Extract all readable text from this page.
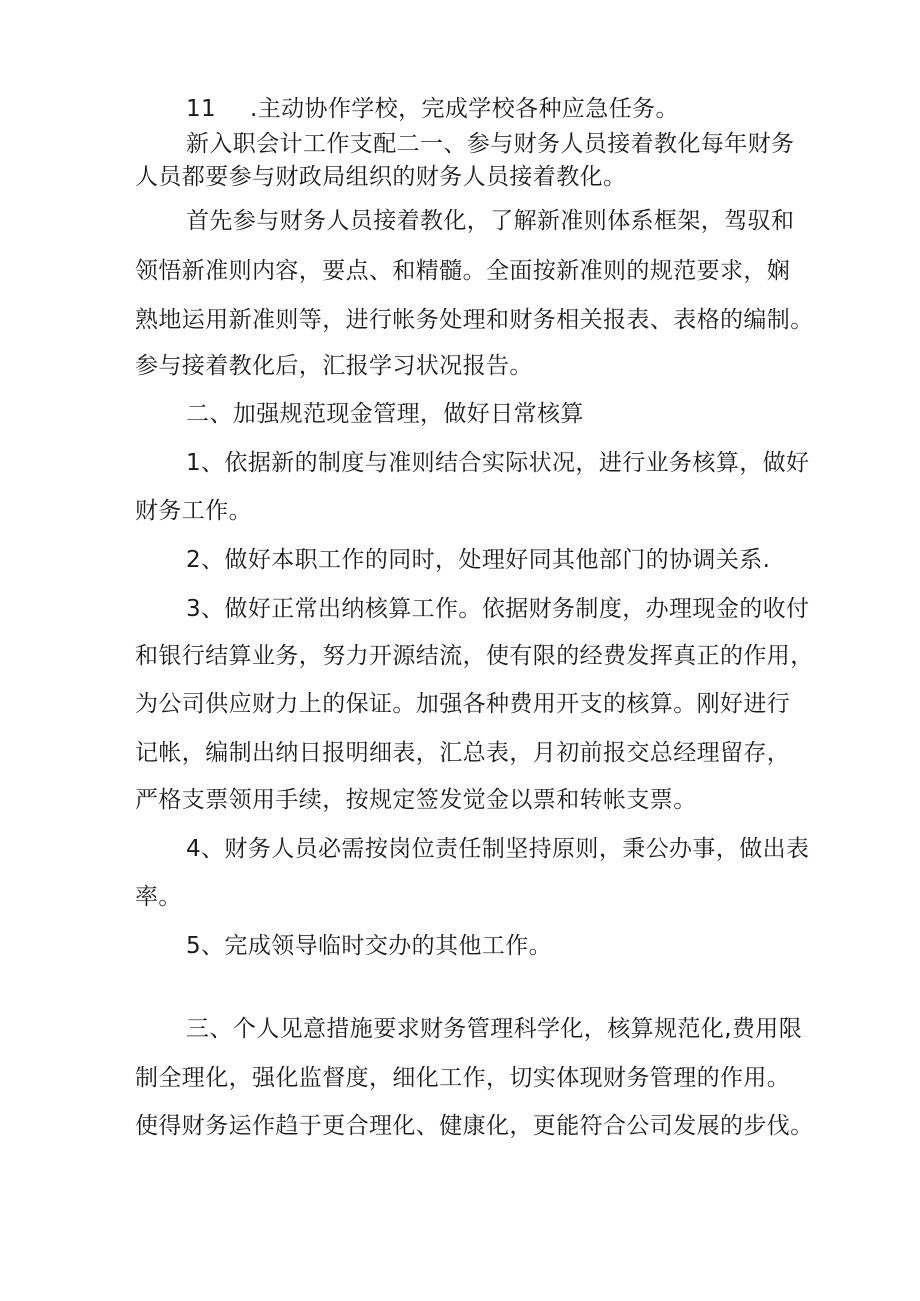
11 .主动协作学校，完成学校各种应急任务。
新入职会计工作支配二一、参与财务人员接着教化每年财务
人员都要参与财政局组织的财务人员接着教化。
首先参与财务人员接着教化，了解新准则体系框架，驾驭和
领悟新准则内容，要点、和精髓。全面按新准则的规范要求，娴
熟地运用新准则等，进行帐务处理和财务相关报表、表格的编制。
参与接着教化后，汇报学习状况报告。
二、加强规范现金管理，做好日常核算
1、依据新的制度与准则结合实际状况，进行业务核算，做好
财务工作。
2、做好本职工作的同时，处理好同其他部门的协调关系.
3、做好正常出纳核算工作。依据财务制度，办理现金的收付
和银行结算业务，努力开源结流，使有限的经费发挥真正的作用，
为公司供应财力上的保证。加强各种费用开支的核算。刚好进行
记帐，编制出纳日报明细表，汇总表，月初前报交总经理留存，
严格支票领用手续，按规定签发觉金以票和转帐支票。
4、财务人员必需按岗位责任制坚持原则，秉公办事，做出表
率。
5、完成领导临时交办的其他工作。
三、个人见意措施要求财务管理科学化，核算规范化,费用限
制全理化，强化监督度，细化工作，切实体现财务管理的作用。
使得财务运作趋于更合理化、健康化，更能符合公司发展的步伐。
